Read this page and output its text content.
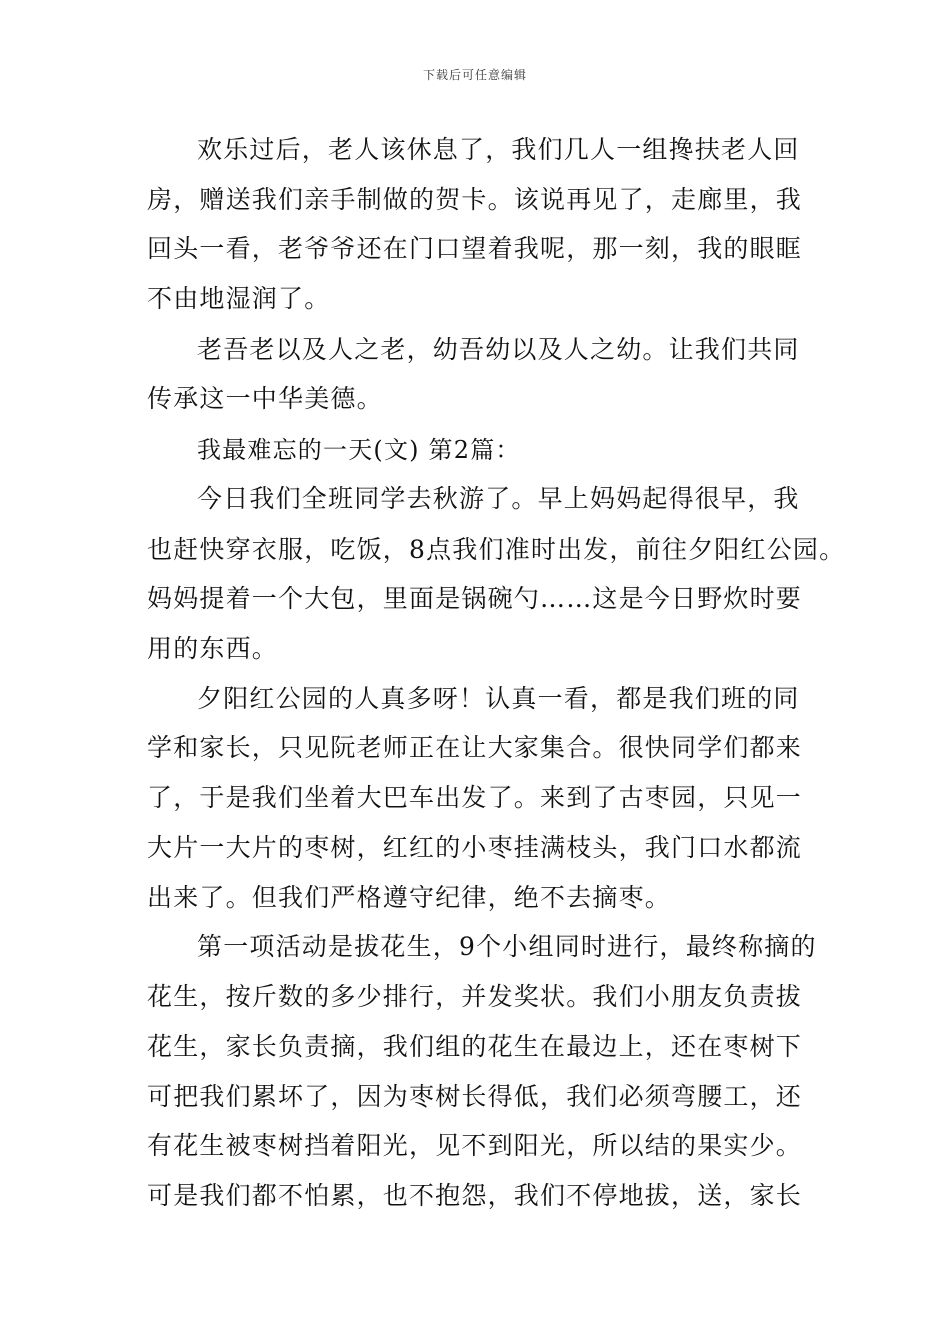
下载后可任意编辑
欢乐过后，老人该休息了，我们几人一组搀扶老人回
房，赠送我们亲手制做的贺卡。该说再见了，走廊里，我
回头一看，老爷爷还在门口望着我呢，那一刻，我的眼眶
不由地湿润了。
老吾老以及人之老，幼吾幼以及人之幼。让我们共同
传承这一中华美德。
我最难忘的一天(文) 第2篇：
今日我们全班同学去秋游了。早上妈妈起得很早，我
也赶快穿衣服，吃饭，8点我们准时出发，前往夕阳红公园。
妈妈提着一个大包，里面是锅碗勺……这是今日野炊时要
用的东西。
夕阳红公园的人真多呀！认真一看，都是我们班的同
学和家长，只见阮老师正在让大家集合。很快同学们都来
了，于是我们坐着大巴车出发了。来到了古枣园，只见一
大片一大片的枣树，红红的小枣挂满枝头，我门口水都流
出来了。但我们严格遵守纪律，绝不去摘枣。
第一项活动是拔花生，9个小组同时进行，最终称摘的
花生，按斤数的多少排行，并发奖状。我们小朋友负责拔
花生，家长负责摘，我们组的花生在最边上，还在枣树下
可把我们累坏了，因为枣树长得低，我们必须弯腰工，还
有花生被枣树挡着阳光，见不到阳光，所以结的果实少。
可是我们都不怕累，也不抱怨，我们不停地拔，送，家长
